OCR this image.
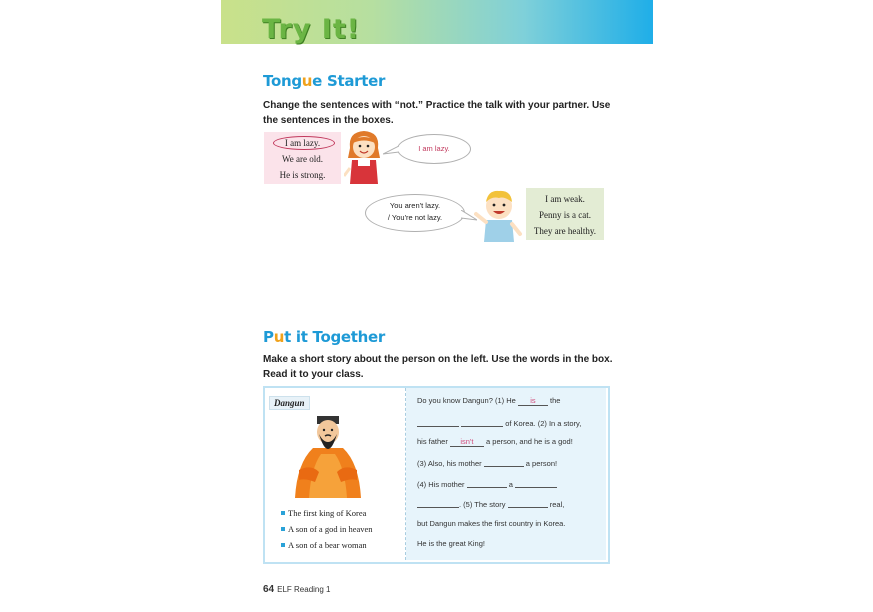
Try It!
Tongue Starter
Change the sentences with “not.” Practice the talk with your partner. Use the sentences in the boxes.
I am lazy.
We are old.
He is strong.
I am lazy.
You aren't lazy.
/ You're not lazy.
I am weak.
Penny is a cat.
They are healthy.
Put it Together
Make a short story about the person on the left. Use the words in the box. Read it to your class.
Dangun
The first king of Korea
A son of a god in heaven
A son of a bear woman
Do you know Dangun? (1) He is the
of Korea. (2) In a story,
his father isn't a person, and he is a god!
(3) Also, his mother	a person!
(4) His mother	a
. (5) The story	real,
but Dangun makes the first country in Korea.
He is the great King!
64 ELF Reading 1
